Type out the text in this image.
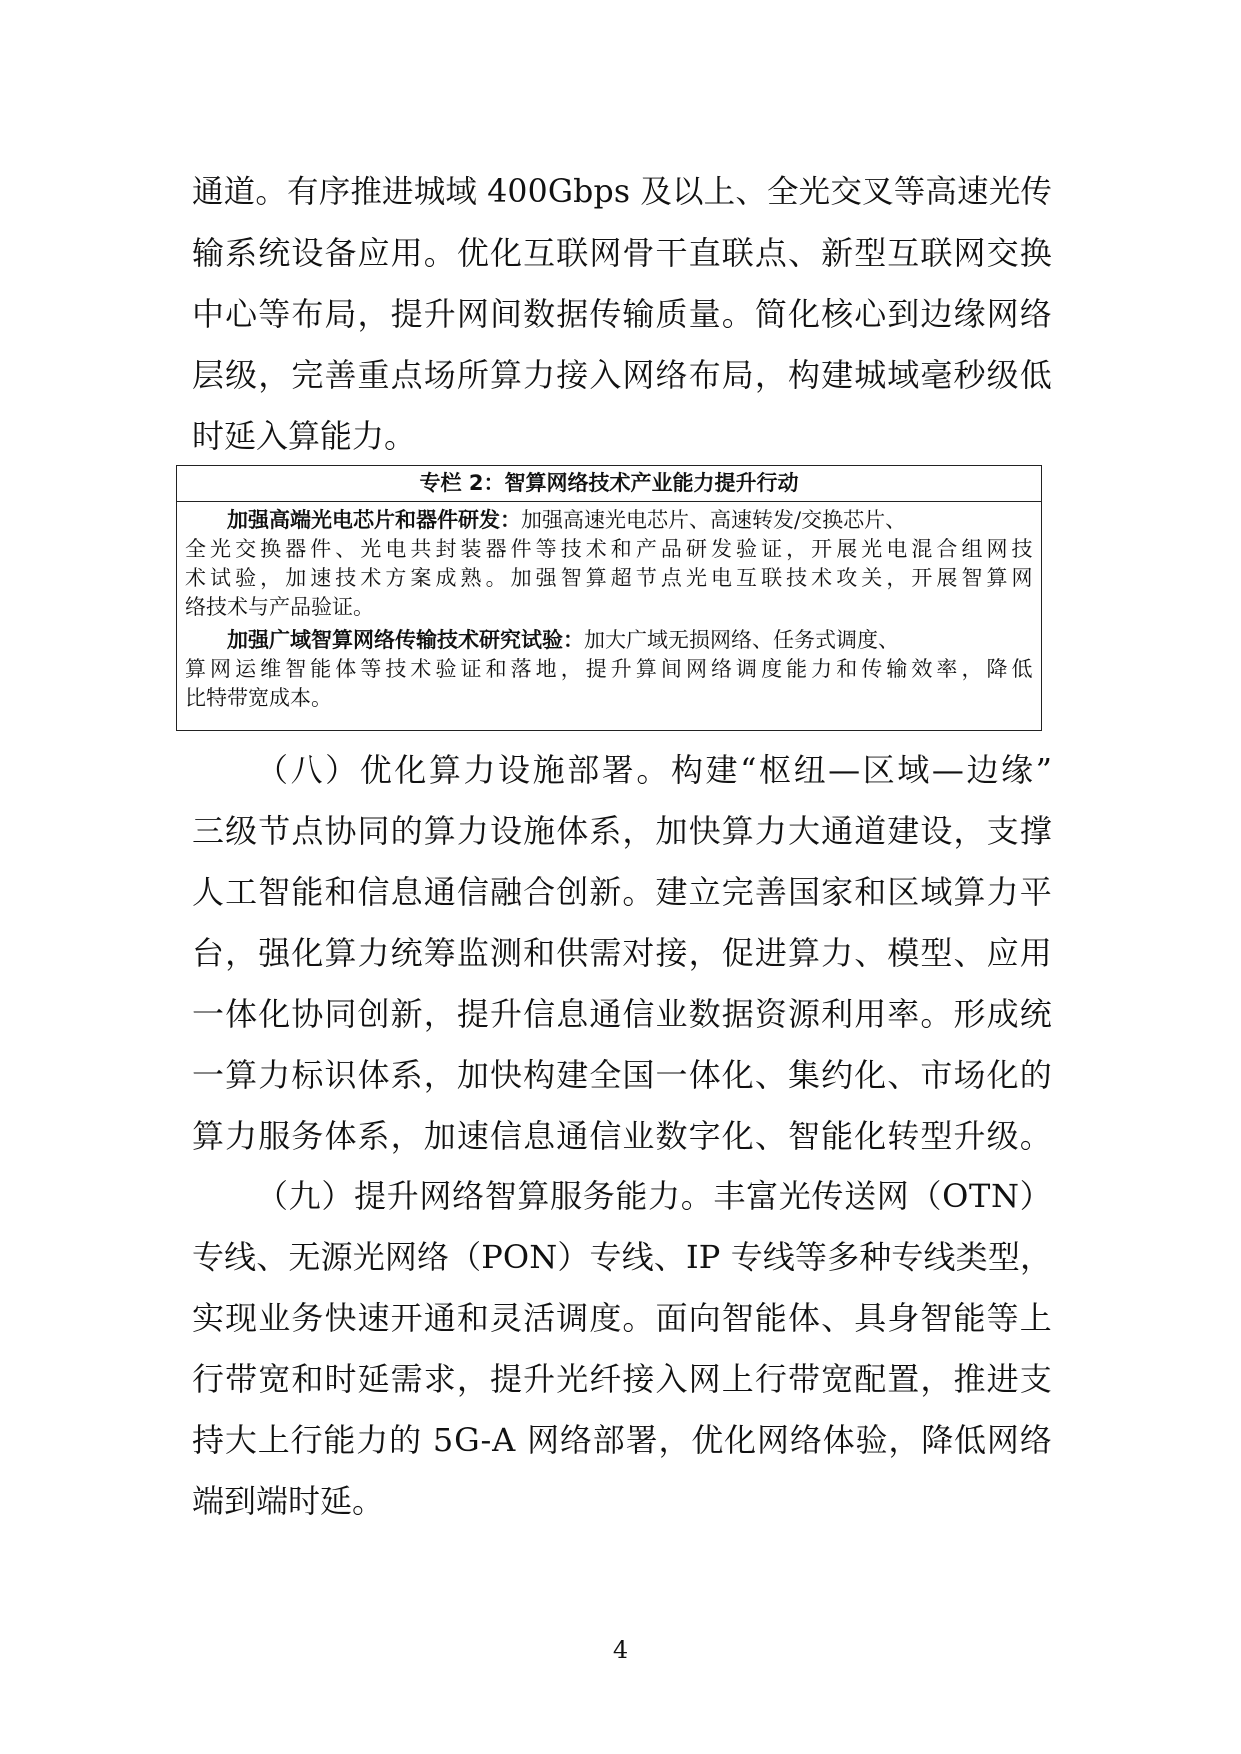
通 道 。 有 序 推 进 城 域
4 0 0 G b p s
及 以 上 、 全 光 交 叉 等 高 速 光 传
输 系 统 设 备 应 用 。 优 化 互 联 网 骨 干 直 联 点 、 新 型 互 联 网 交 换
中 心 等 布 局 ， 提 升 网 间 数 据 传 输 质 量 。 简 化 核 心 到 边 缘 网 络
层 级 ， 完 善 重 点 场 所 算 力 接 入 网 络 布 局 ， 构 建 城 域 毫 秒 级 低
时延入算能力。
专栏 2：智算网络技术产业能力提升行动
加强高端光电芯片和器件研发：加强高速光电芯片、高速转发/交换芯片、
全 光 交 换 器 件 、 光 电 共 封 装 器 件 等 技 术 和 产 品 研 发 验 证 ， 开 展 光 电 混 合 组 网 技
术 试 验 ， 加 速 技 术 方 案 成 熟 。 加 强 智 算 超 节 点 光 电 互 联 技 术 攻 关 ， 开 展 智 算 网
络技术与产品验证。
加强广域智算网络传输技术研究试验：加大广域无损网络、任务式调度、
算 网 运 维 智 能 体 等 技 术 验 证 和 落 地 ， 提 升 算 间 网 络 调 度 能 力 和 传 输 效 率 ， 降 低
比特带宽成本。
（ 八 ） 优 化 算 力 设 施 部 署 。 构 建 “ 枢 纽 — 区 域 — 边 缘 ”
三 级 节 点 协 同 的 算 力 设 施 体 系 ， 加 快 算 力 大 通 道 建 设 ， 支 撑
人 工 智 能 和 信 息 通 信 融 合 创 新 。 建 立 完 善 国 家 和 区 域 算 力 平
台 ， 强 化 算 力 统 筹 监 测 和 供 需 对 接 ， 促 进 算 力 、 模 型 、 应 用
一 体 化 协 同 创 新 ， 提 升 信 息 通 信 业 数 据 资 源 利 用 率 。 形 成 统
一 算 力 标 识 体 系 ， 加 快 构 建 全 国 一 体 化 、 集 约 化 、 市 场 化 的
算 力 服 务 体 系 ， 加 速 信 息 通 信 业 数 字 化 、 智 能 化 转 型 升 级 。
（ 九 ） 提 升 网 络 智 算 服 务 能 力 。 丰 富 光 传 送 网 （ O T N ）
专 线 、 无 源 光 网 络 （ P O N ） 专 线 、 I P
专 线 等 多 种 专 线 类 型 ，
实 现 业 务 快 速 开 通 和 灵 活 调 度 。 面 向 智 能 体 、 具 身 智 能 等 上
行 带 宽 和 时 延 需 求 ， 提 升 光 纤 接 入 网 上 行 带 宽 配 置 ， 推 进 支
持 大 上 行 能 力 的
5 G - A
网 络 部 署 ， 优 化 网 络 体 验 ， 降 低 网 络
端到端时延。
4
